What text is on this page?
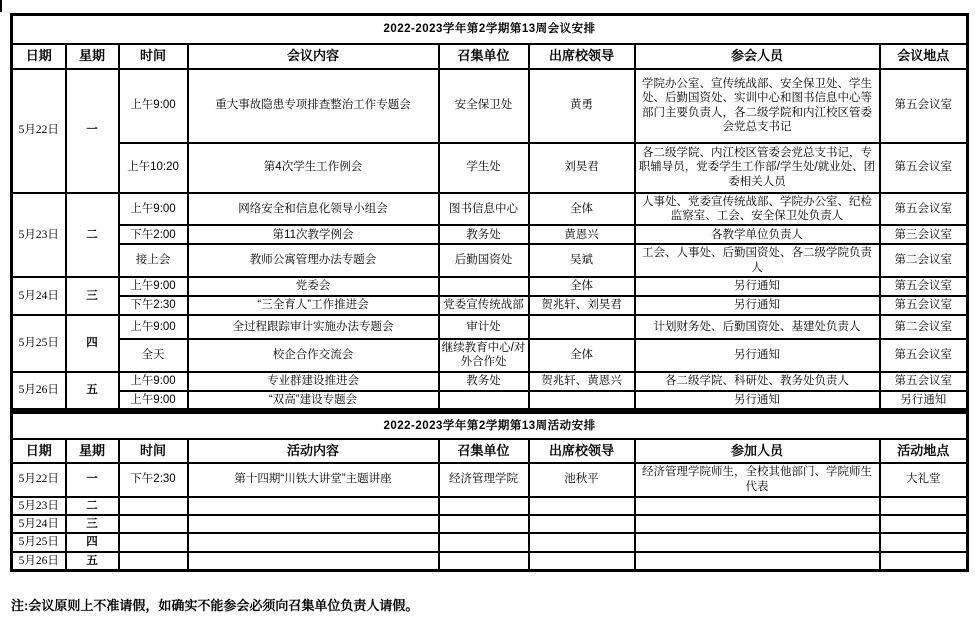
2022-2023学年第2学期第13周会议安排							
日期	星期	时间	会议内容	召集单位	出席校领导	参会人员	会议地点
5月22日	一	上午9:00	重大事故隐患专项排查整治工作专题会	安全保卫处	黄勇	学院办公室、宣传统战部、安全保卫处、学生处、后勤国资处、实训中心和图书信息中心等部门主要负责人，各二级学院和内江校区管委会党总支书记	第五会议室
		上午10:20	第4次学生工作例会	学生处	刘昊君	各二级学院、内江校区管委会党总支书记，专职辅导员，党委学生工作部/学生处/就业处、团委相关人员	第五会议室
5月23日	二	上午9:00	网络安全和信息化领导小组会	图书信息中心	全体	人事处、党委宣传统战部、学院办公室、纪检监察室、工会、安全保卫处负责人	第五会议室
		下午2:00	第11次教学例会	教务处	黄恩兴	各教学单位负责人	第三会议室
		接上会	教师公寓管理办法专题会	后勤国资处	吴斌	工会、人事处、后勤国资处、各二级学院负责人	第二会议室
5月24日	三	上午9:00	党委会		全体	另行通知	第五会议室
		下午2:30	“三全育人”工作推进会	党委宣传统战部	贺兆轩、刘昊君	另行通知	第五会议室
5月25日	四	上午9:00	全过程跟踪审计实施办法专题会	审计处		计划财务处、后勤国资处、基建处负责人	第二会议室
		全天	校企合作交流会	继续教育中心/对外合作处	全体	另行通知	第五会议室
5月26日	五	上午9:00	专业群建设推进会	教务处	贺兆轩、黄恩兴	各二级学院、科研处、教务处负责人	第五会议室
		上午9:00	“双高”建设专题会			另行通知	另行通知
2022-2023学年第2学期第13周活动安排							
日期	星期	时间	活动内容	召集单位	出席校领导	参加人员	活动地点
5月22日	一	下午2:30	第十四期“川铁大讲堂”主题讲座	经济管理学院	池秋平	经济管理学院师生，全校其他部门、学院师生代表	大礼堂
5月23日	二						
5月24日	三						
5月25日	四						
5月26日	五						
注:会议原则上不准请假，如确实不能参会必须向召集单位负责人请假。
